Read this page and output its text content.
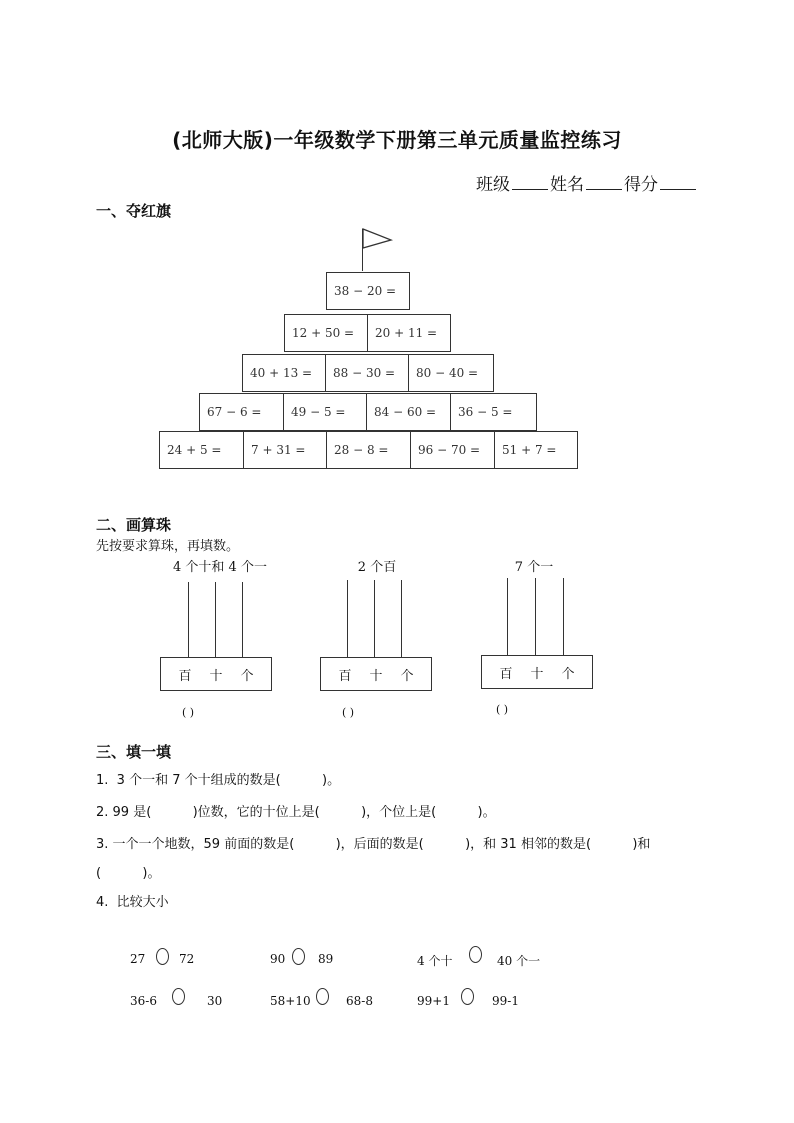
(北师大版)一年级数学下册第三单元质量监控练习
班级 姓名 得分
一、夺红旗
38 − 20 =
12 + 50 =	20 + 11 =
40 + 13 =	88 − 30 =	80 − 40 =
67 − 6 =	49 − 5 =	84 − 60 =	36 − 5 =
24 + 5 =	7 + 31 =	28 − 8 =	96 − 70 =	51 + 7 =
二、画算珠
先按要求算珠，再填数。
4 个十和 4 个一
百 十 个
( )
2 个百
百 十 个
( )
7 个一
百 十 个
( )
三、填一填
1.  3 个一和 7 个十组成的数是(          )。
2. 99 是(          )位数，它的十位上是(          )，个位上是(          )。
3. 一个一个地数，59 前面的数是(          )，后面的数是(          )，和 31 相邻的数是(          )和
(          )。
4.  比较大小
27	72	90	89	4 个十	40 个一
36-6	30	58+10	68-8	99+1	99-1
